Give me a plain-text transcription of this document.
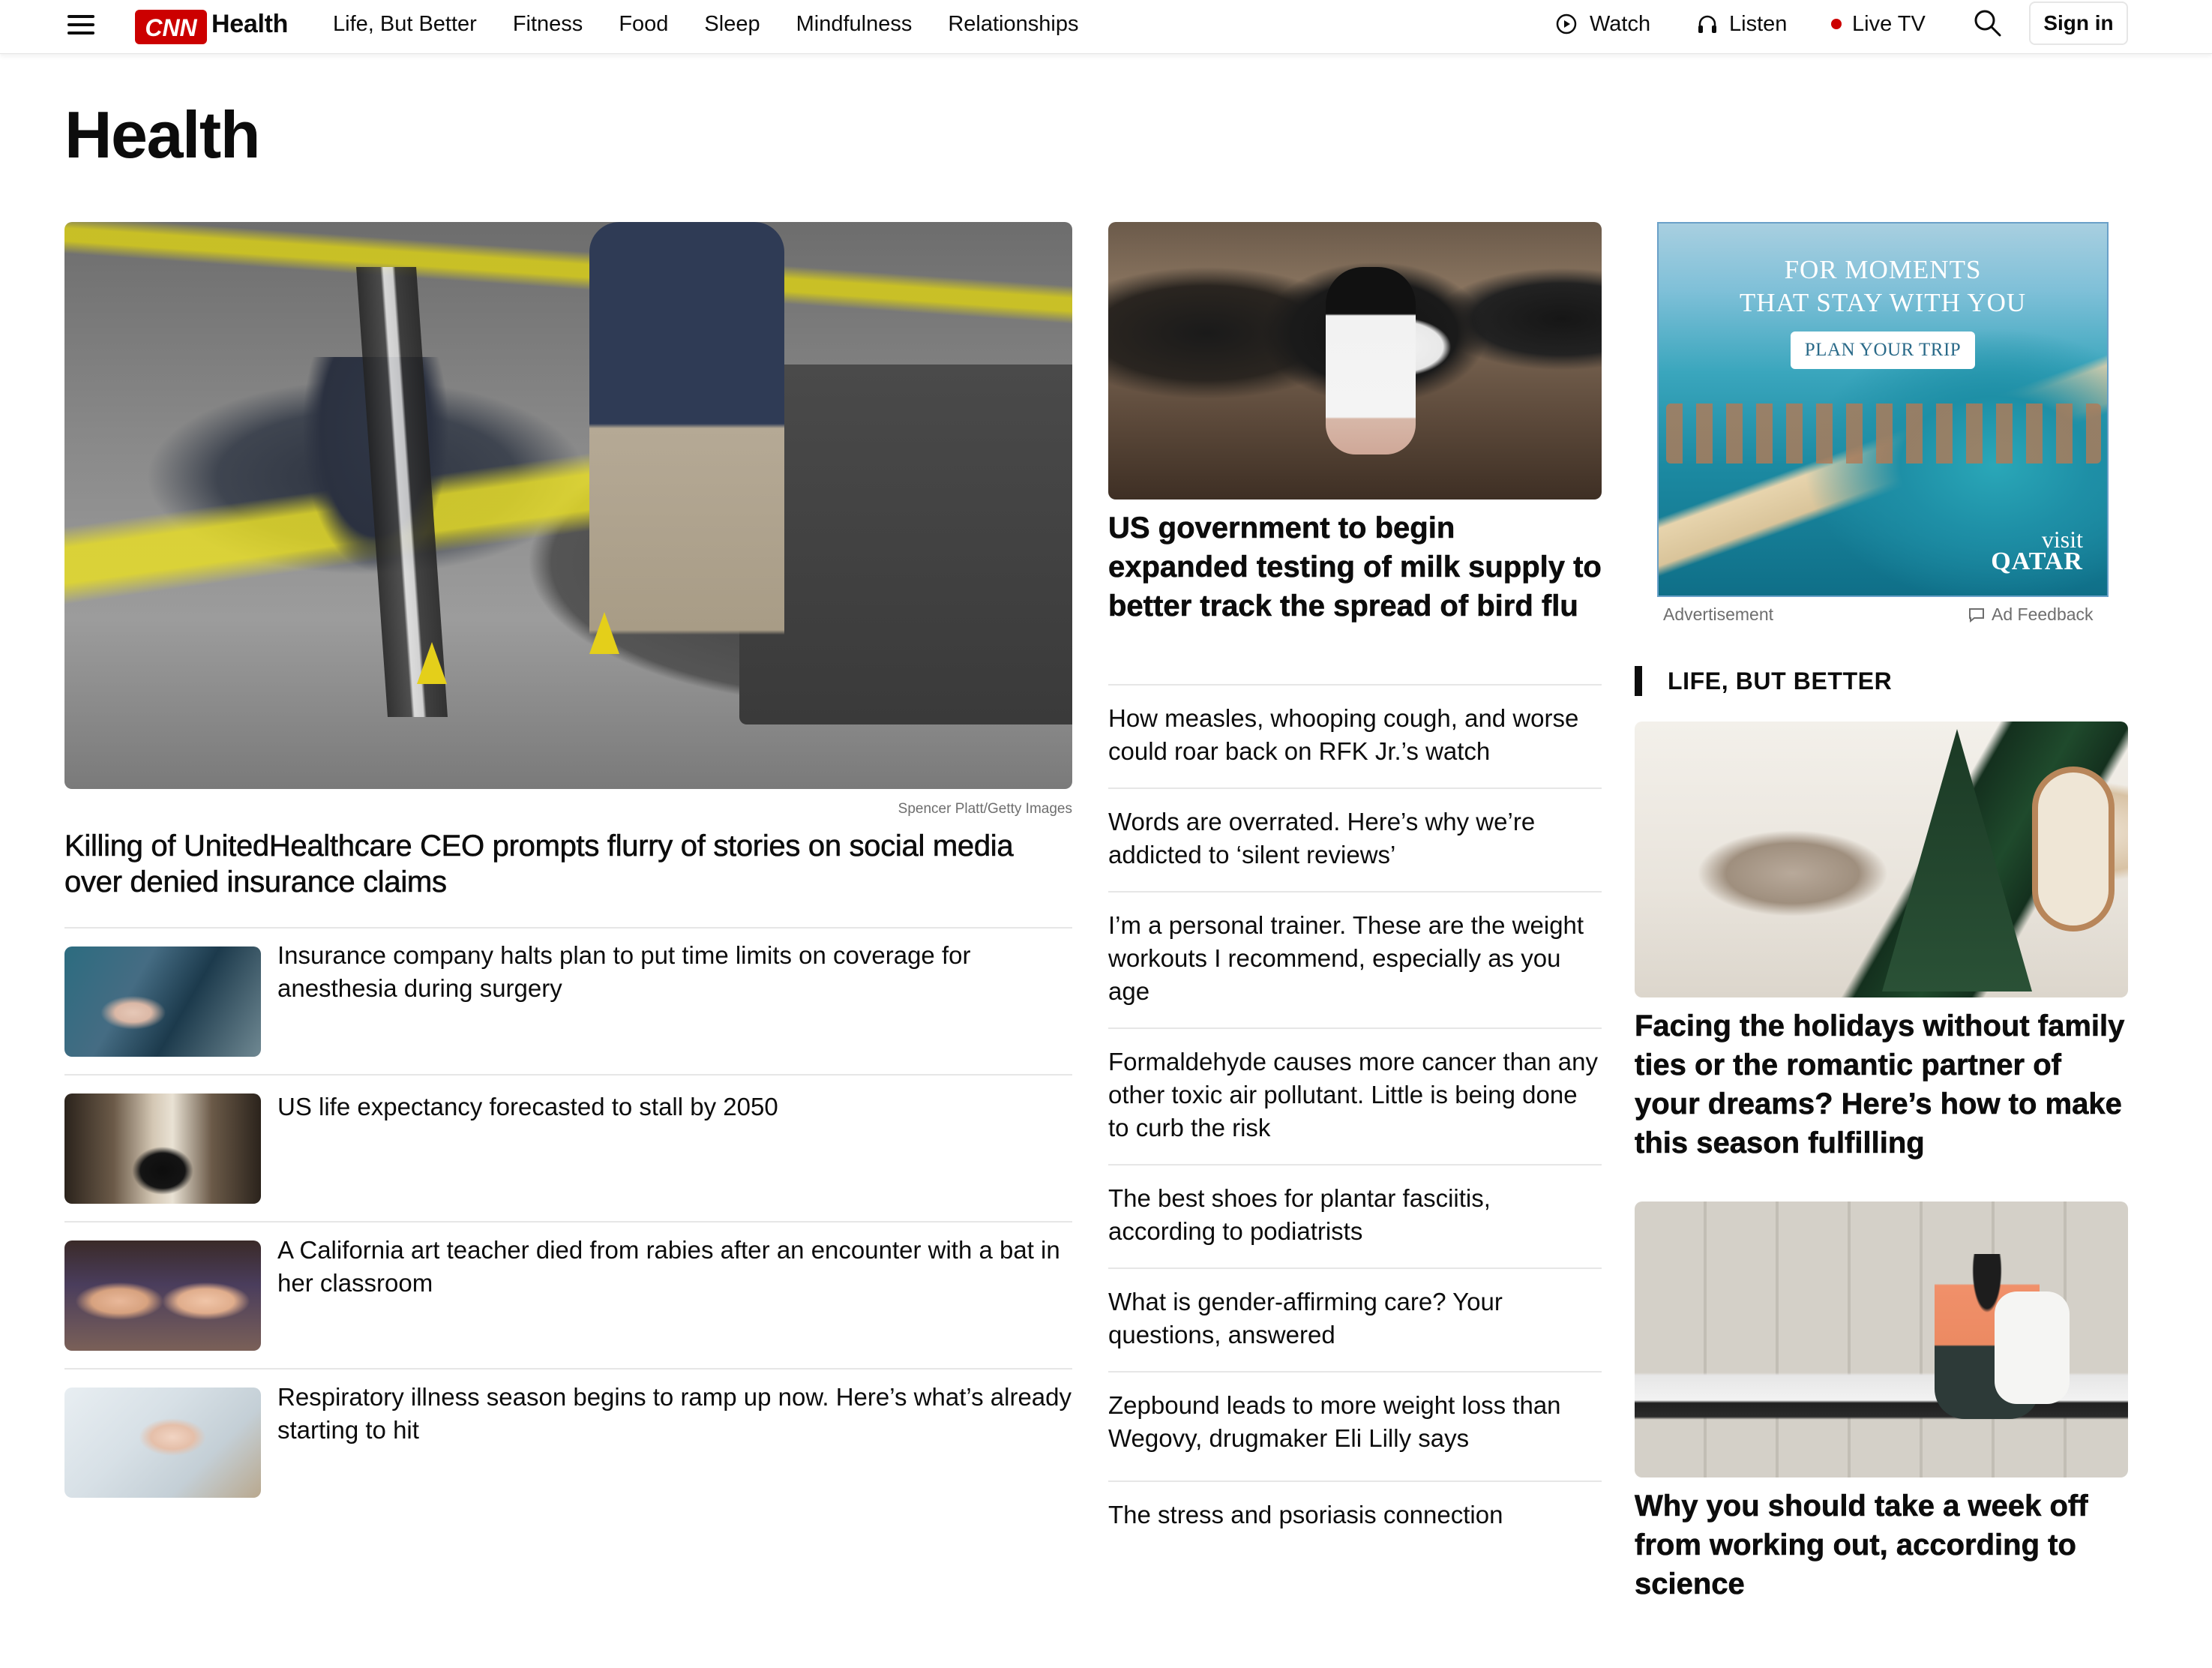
CNN Health Life, But Better Fitness Food Sleep Mindfulness Relationships	Watch	Listen	Live TV	Sign in
Health
Spencer Platt/Getty Images
Killing of UnitedHealthcare CEO prompts flurry of stories on social media over denied insurance claims
Insurance company halts plan to put time limits on coverage for anesthesia during surgery
US life expectancy forecasted to stall by 2050
A California art teacher died from rabies after an encounter with a bat in her classroom
Respiratory illness season begins to ramp up now. Here’s what’s already starting to hit
US government to begin expanded testing of milk supply to better track the spread of bird flu
How measles, whooping cough, and worse could roar back on RFK Jr.’s watch
Words are overrated. Here’s why we’re addicted to ‘silent reviews’
I’m a personal trainer. These are the weight workouts I recommend, especially as you age
Formaldehyde causes more cancer than any other toxic air pollutant. Little is being done to curb the risk
The best shoes for plantar fasciitis, according to podiatrists
What is gender-affirming care? Your questions, answered
Zepbound leads to more weight loss than Wegovy, drugmaker Eli Lilly says
The stress and psoriasis connection
FOR MOMENTS
THAT STAY WITH YOU
PLAN YOUR TRIP
visit
QATAR
Advertisement	Ad Feedback
LIFE, BUT BETTER
Facing the holidays without family ties or the romantic partner of your dreams? Here’s how to make this season fulfilling
Why you should take a week off from working out, according to science
